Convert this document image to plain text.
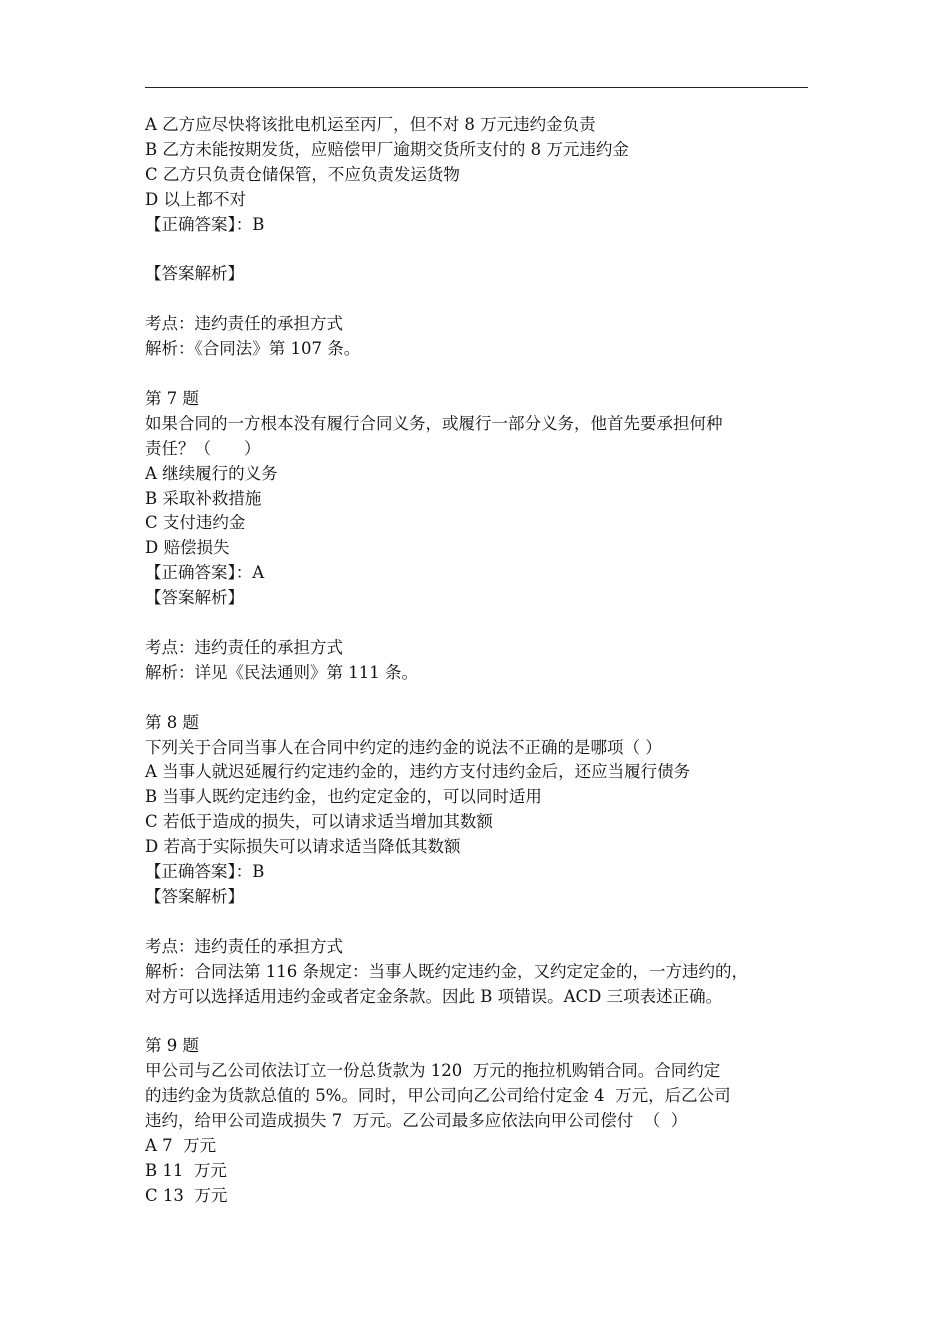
A 乙方应尽快将该批电机运至丙厂，但不对 8 万元违约金负责
B 乙方未能按期发货，应赔偿甲厂逾期交货所支付的 8 万元违约金
C 乙方只负责仓储保管，不应负责发运货物
D 以上都不对
【正确答案】：B
【答案解析】
考点：违约责任的承担方式
解析：《合同法》第 107 条。
第 7 题
如果合同的一方根本没有履行合同义务，或履行一部分义务，他首先要承担何种
责任？（　　）
A 继续履行的义务
B 采取补救措施
C 支付违约金
D 赔偿损失
【正确答案】：A
【答案解析】
考点：违约责任的承担方式
解析：详见《民法通则》第 111 条。
第 8 题
下列关于合同当事人在合同中约定的违约金的说法不正确的是哪项（ ）
A 当事人就迟延履行约定违约金的，违约方支付违约金后，还应当履行债务
B 当事人既约定违约金，也约定定金的，可以同时适用
C 若低于造成的损失，可以请求适当增加其数额
D 若高于实际损失可以请求适当降低其数额
【正确答案】：B
【答案解析】
考点：违约责任的承担方式
解析：合同法第 116 条规定：当事人既约定违约金，又约定定金的，一方违约的，
对方可以选择适用违约金或者定金条款。因此 B 项错误。ACD 三项表述正确。
第 9 题
甲公司与乙公司依法订立一份总货款为 120  万元的拖拉机购销合同。合同约定
的违约金为货款总值的 5%。同时，甲公司向乙公司给付定金 4  万元，后乙公司
违约，给甲公司造成损失 7  万元。乙公司最多应依法向甲公司偿付  （  ）
A 7  万元
B 11  万元
C 13  万元
